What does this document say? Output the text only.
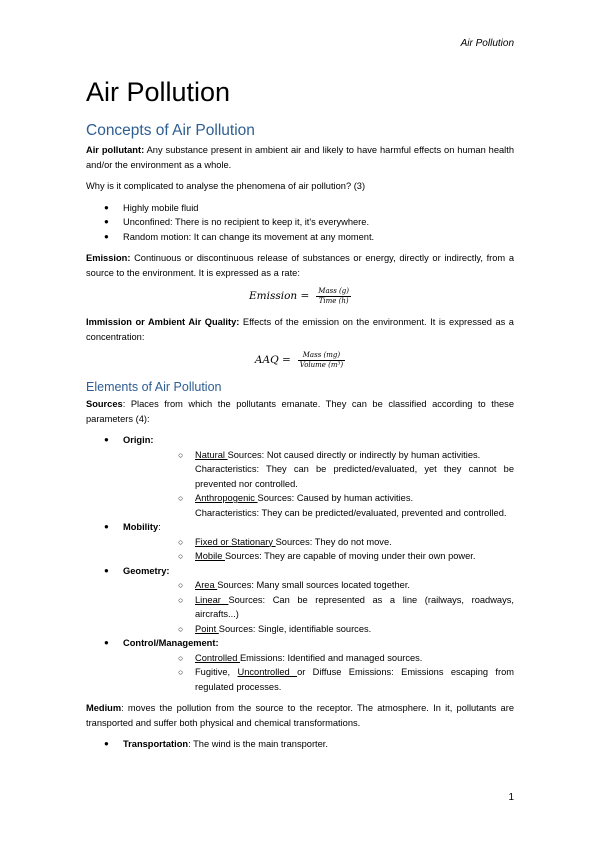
Air Pollution
Air Pollution
Concepts of Air Pollution

Air pollutant: Any substance present in ambient air and likely to have harmful effects on human health and/or the environment as a whole.

Why is it complicated to analyse the phenomena of air pollution? (3)

● Highly mobile fluid
● Unconfined: There is no recipient to keep it, it's everywhere.
● Random motion: It can change its movement at any moment.

Emission: Continuous or discontinuous release of substances or energy, directly or indirectly, from a source to the environment. It is expressed as a rate:

Emission = $\frac{\text{Mass (g)}}{\text{Time (h)}}$

Immission or Ambient Air Quality: Effects of the emission on the environment. It is expressed as a concentration:

AAQ = $\frac{\text{Mass (mg)}}{\text{Volume (m³)}}$
Elements of Air Pollution

Sources: Places from which the pollutants emanate. They can be classified according to these parameters (4):

● Origin:
○ Natural Sources: Not caused directly or indirectly by human activities.
Characteristics: They can be predicted/evaluated, yet they cannot be prevented nor controlled.
○ Anthropogenic Sources: Caused by human activities.
Characteristics: They can be predicted/evaluated, prevented and controlled.
● Mobility:
○ Fixed or Stationary Sources: They do not move.
○ Mobile Sources: They are capable of moving under their own power.
● Geometry:
○ Area Sources: Many small sources located together.
○ Linear Sources: Can be represented as a line (railways, roadways, aircrafts...)
○ Point Sources: Single, identifiable sources.
● Control/Management:
○ Controlled Emissions: Identified and managed sources.
○ Fugitive, Uncontrolled or Diffuse Emissions: Emissions escaping from regulated processes.

Medium: moves the pollution from the source to the receptor. The atmosphere. In it, pollutants are transported and suffer both physical and chemical transformations.

● Transportation: The wind is the main transporter.
1
